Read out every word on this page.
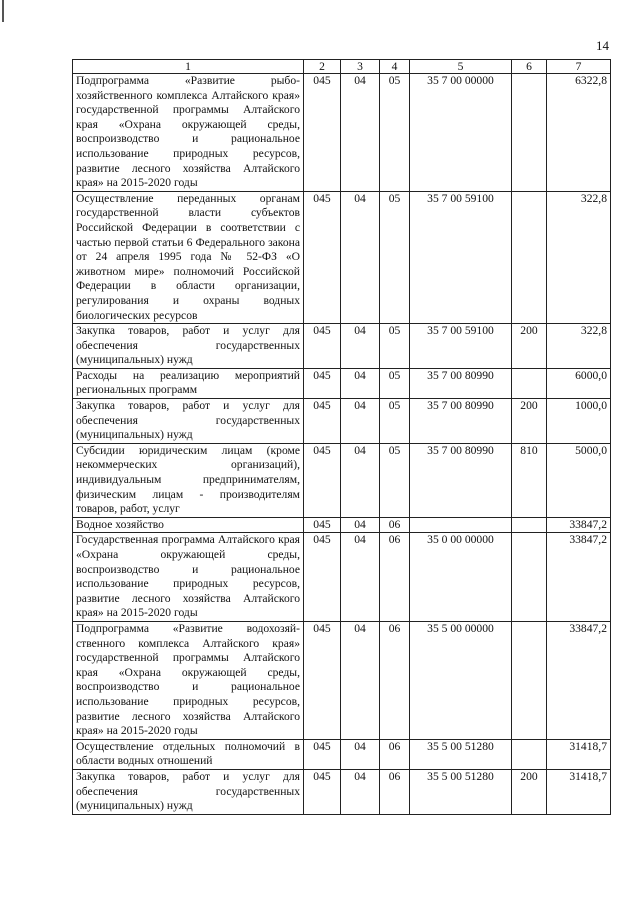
14
1	2	3	4	5	6	7
Подпрограмма «Развитие рыбохозяйственного комплекса Алтайского края» государственной программы Алтайского края «Охрана окружающей среды, воспроизводство и рациональное использование природных ресурсов, развитие лесного хозяйства Алтайского края» на 2015-2020 годы	045	04	05	35 7 00 00000		6322,8
Осуществление переданных органам государственной власти субъектов Российской Федерации в соответствии с частью первой статьи 6 Федерального закона от 24 апреля 1995 года № 52-ФЗ «О животном мире» полномочий Российской Федерации в области организации, регулирования и охраны водных биологических ресурсов	045	04	05	35 7 00 59100		322,8
Закупка товаров, работ и услуг для обеспечения государственных (муниципальных) нужд	045	04	05	35 7 00 59100	200	322,8
Расходы на реализацию мероприятий региональных программ	045	04	05	35 7 00 80990		6000,0
Закупка товаров, работ и услуг для обеспечения государственных (муниципальных) нужд	045	04	05	35 7 00 80990	200	1000,0
Субсидии юридическим лицам (кроме некоммерческих организаций), индивидуальным предпринимателям, физическим лицам - производителям товаров, работ, услуг	045	04	05	35 7 00 80990	810	5000,0
Водное хозяйство	045	04	06			33847,2
Государственная программа Алтайского края «Охрана окружающей среды, воспроизводство и рациональное использование природных ресурсов, развитие лесного хозяйства Алтайского края» на 2015-2020 годы	045	04	06	35 0 00 00000		33847,2
Подпрограмма «Развитие водохозяйственного комплекса Алтайского края» государственной программы Алтайского края «Охрана окружающей среды, воспроизводство и рациональное использование природных ресурсов, развитие лесного хозяйства Алтайского края» на 2015-2020 годы	045	04	06	35 5 00 00000		33847,2
Осуществление отдельных полномочий в области водных отношений	045	04	06	35 5 00 51280		31418,7
Закупка товаров, работ и услуг для обеспечения государственных (муниципальных) нужд	045	04	06	35 5 00 51280	200	31418,7
